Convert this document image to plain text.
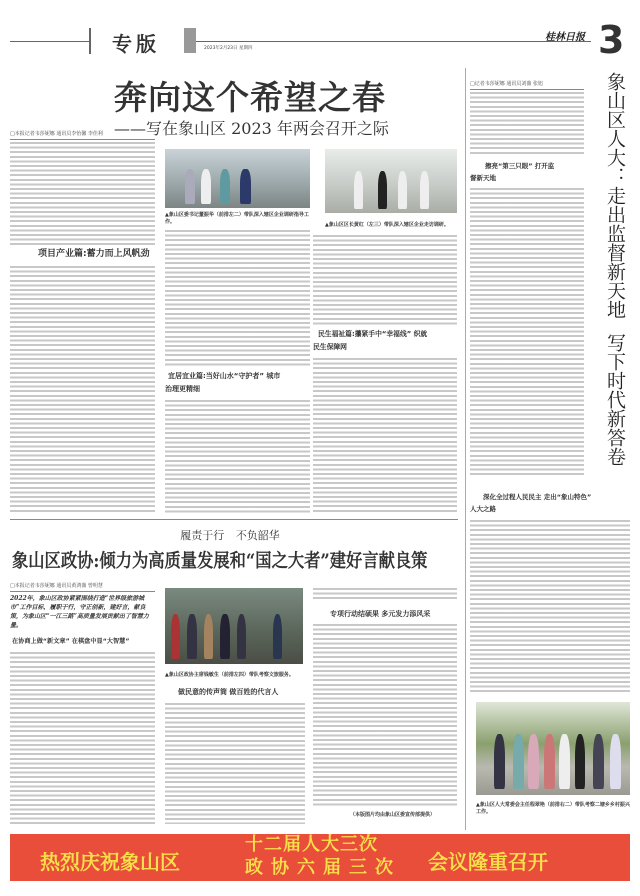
专版	2023年2月23日 星期四
桂林日报 3
奔向这个希望之春
——写在象山区 2023 年两会召开之际
□本报记者韦莎妮娜 通讯员李怡馨 李佳利
项目产业篇:蓄力而上风帆劲
▲象山区委书记董振华（前排左二）带队深入辖区企业调研指导工作。
宜居宜业篇:当好山水“守护者” 城市
治理更精细
▲象山区区长黄红（左三）带队深入辖区企业走访调研。
民生福祉篇:攥紧手中“幸福线” 织就
民生保障网
履责于行 不负韶华
象山区政协:倾力为高质量发展和“国之大者”建好言献良策
□本报记者韦莎妮娜 通讯员黄鸿薇 曾明慧
2022年，象山区政协紧紧围绕打造“世界级旅游城市”工作目标，履职于行，守正创新，建好言，献良策，为象山区“一江三路”高质量发展贡献出了智慧力量。
在协商上做“新文章” 在棋盘中显“大智慧”
▲象山区政协主席钱敏生（前排左四）带队考察文旅服务。
做民意的传声筒 做百姓的代言人
专项行动结硕果 多元发力添风采
（本版图片均由象山区委宣传部提供）
□记者韦莎妮娜 通讯员刘薇 张旭
擦亮“第三只眼” 打开监
督新天地	象山区人大：走出监督新天地写下时代新答卷
深化全过程人民民主 走出“象山特色”
人大之路
▲象山区人大常委会主任程翠艳（前排右二）带队考察二塘乡乡村振兴工作。
热烈庆祝象山区
十二届人大三次
政协六届三次 会议隆重召开
